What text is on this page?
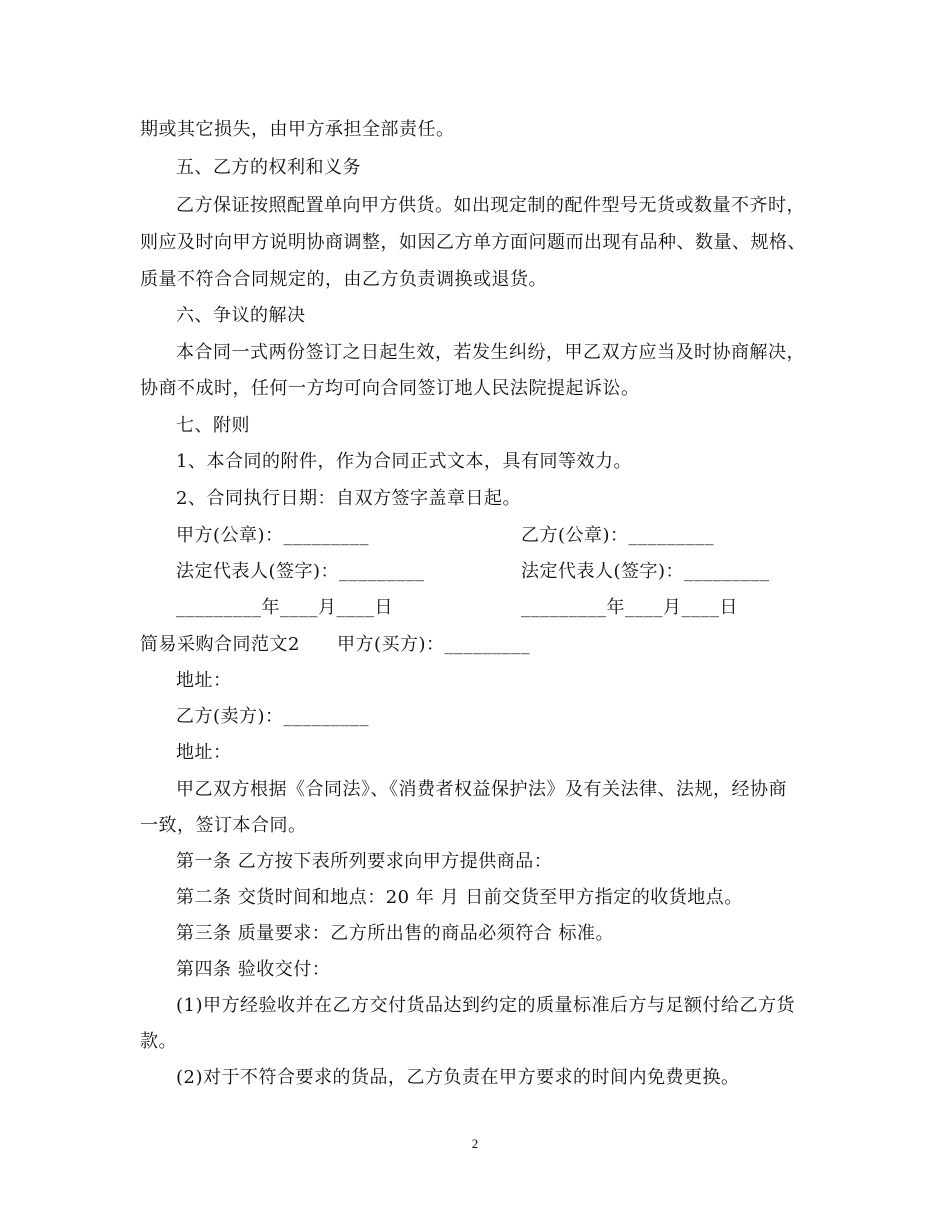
期或其它损失，由甲方承担全部责任。
五、乙方的权利和义务
乙方保证按照配置单向甲方供货。如出现定制的配件型号无货或数量不齐时，
则应及时向甲方说明协商调整，如因乙方单方面问题而出现有品种、数量、规格、
质量不符合合同规定的，由乙方负责调换或退货。
六、争议的解决
本合同一式两份签订之日起生效，若发生纠纷，甲乙双方应当及时协商解决，
协商不成时，任何一方均可向合同签订地人民法院提起诉讼。
七、附则
1、本合同的附件，作为合同正式文本，具有同等效力。
2、合同执行日期：自双方签字盖章日起。
甲方(公章)：_________	乙方(公章)：_________
法定代表人(签字)：_________	法定代表人(签字)：_________
_________年____月____日	_________年____月____日
简易采购合同范文2　　甲方(买方)：_________
地址：
乙方(卖方)：_________
地址：
甲乙双方根据《合同法》、《消费者权益保护法》及有关法律、法规，经协商
一致，签订本合同。
第一条 乙方按下表所列要求向甲方提供商品：
第二条 交货时间和地点：20 年 月 日前交货至甲方指定的收货地点。
第三条 质量要求：乙方所出售的商品必须符合 标准。
第四条 验收交付：
(1)甲方经验收并在乙方交付货品达到约定的质量标准后方与足额付给乙方货
款。
(2)对于不符合要求的货品，乙方负责在甲方要求的时间内免费更换。
2
